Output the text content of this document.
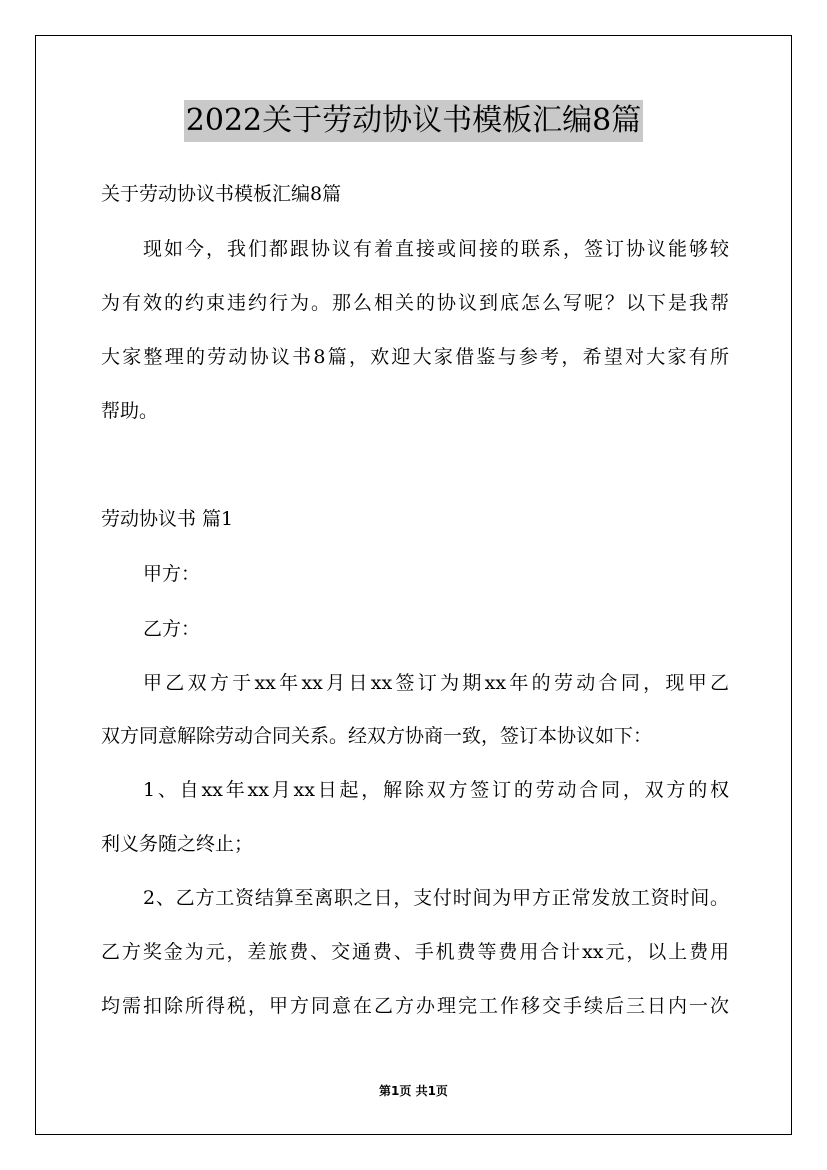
2022关于劳动协议书模板汇编8篇
关于劳动协议书模板汇编8篇
现如今，我们都跟协议有着直接或间接的联系，签订协议能够较
为有效的约束违约行为。那么相关的协议到底怎么写呢？以下是我帮
大家整理的劳动协议书8篇，欢迎大家借鉴与参考，希望对大家有所
帮助。
劳动协议书 篇1
甲方：
乙方：
甲乙双方于xx年xx月日xx签订为期xx年的劳动合同，现甲乙
双方同意解除劳动合同关系。经双方协商一致，签订本协议如下：
1、自xx年xx月xx日起，解除双方签订的劳动合同，双方的权
利义务随之终止；
2、乙方工资结算至离职之日，支付时间为甲方正常发放工资时间。
乙方奖金为元，差旅费、交通费、手机费等费用合计xx元，以上费用
均需扣除所得税，甲方同意在乙方办理完工作移交手续后三日内一次
第1页 共1页
